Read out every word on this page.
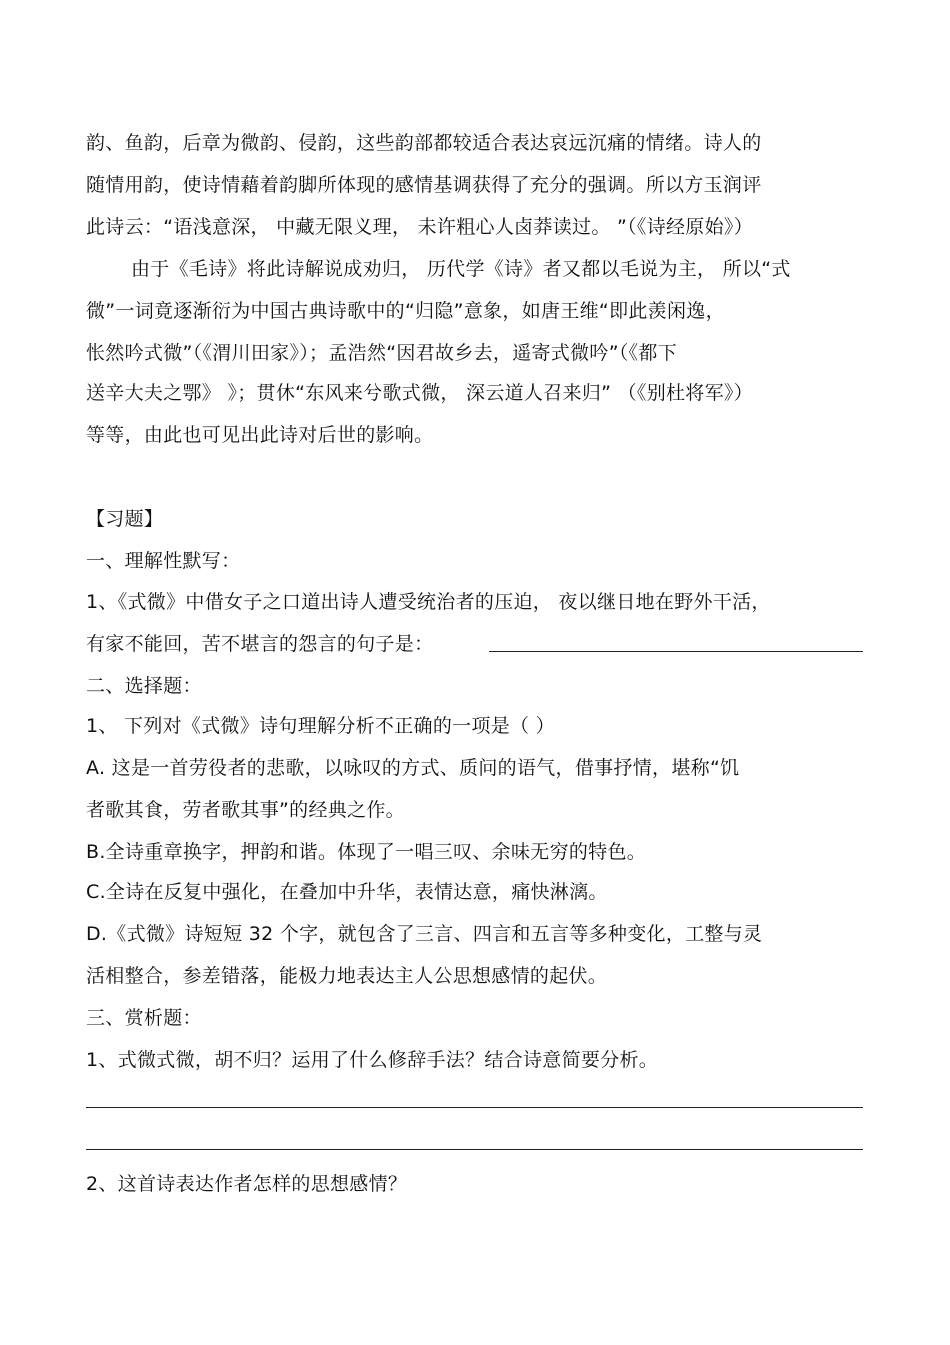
韵、鱼韵，后章为微韵、侵韵，这些韵部都较适合表达哀远沉痛的情绪。诗人的
随情用韵，使诗情藉着韵脚所体现的感情基调获得了充分的强调。所以方玉润评
此诗云：“语浅意深， 中藏无限义理， 未许粗心人卤莽读过。 ”（《诗经原始》）
由于《毛诗》将此诗解说成劝归， 历代学《诗》者又都以毛说为主， 所以“式
微”一词竟逐渐衍为中国古典诗歌中的“归隐”意象，如唐王维“即此羡闲逸，
怅然吟式微”（《渭川田家》）；孟浩然“因君故乡去，遥寄式微吟”（《都下
送辛大夫之鄂》 》；贯休“东风来兮歌式微， 深云道人召来归” （《别杜将军》）
等等，由此也可见出此诗对后世的影响。
【习题】
一、理解性默写：
1、《式微》中借女子之口道出诗人遭受统治者的压迫， 夜以继日地在野外干活，
有家不能回，苦不堪言的怨言的句子是：
二、选择题：
1、 下列对《式微》诗句理解分析不正确的一项是（ ）
A. 这是一首劳役者的悲歌，以咏叹的方式、质问的语气，借事抒情，堪称“饥
者歌其食，劳者歌其事”的经典之作。
B.全诗重章换字，押韵和谐。体现了一唱三叹、余味无穷的特色。
C.全诗在反复中强化，在叠加中升华，表情达意，痛快淋漓。
D.《式微》诗短短 32 个字，就包含了三言、四言和五言等多种变化，工整与灵
活相整合，参差错落，能极力地表达主人公思想感情的起伏。
三、赏析题：
1、式微式微，胡不归？运用了什么修辞手法？结合诗意简要分析。
2、这首诗表达作者怎样的思想感情？
